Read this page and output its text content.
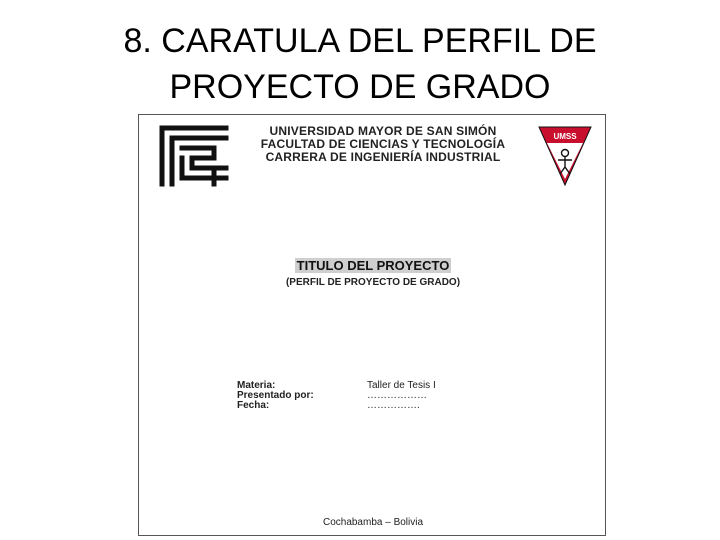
8. CARATULA DEL PERFIL DE
PROYECTO DE GRADO
UNIVERSIDAD MAYOR DE SAN SIMÓN
FACULTAD DE CIENCIAS Y TECNOLOGÍA
CARRERA DE INGENIERÍA INDUSTRIAL
UMSS
TITULO DEL PROYECTO
(PERFIL DE PROYECTO DE GRADO)
Materia:	Taller de Tesis I
Presentado por:	………………
Fecha:	…………….
Cochabamba – Bolivia
